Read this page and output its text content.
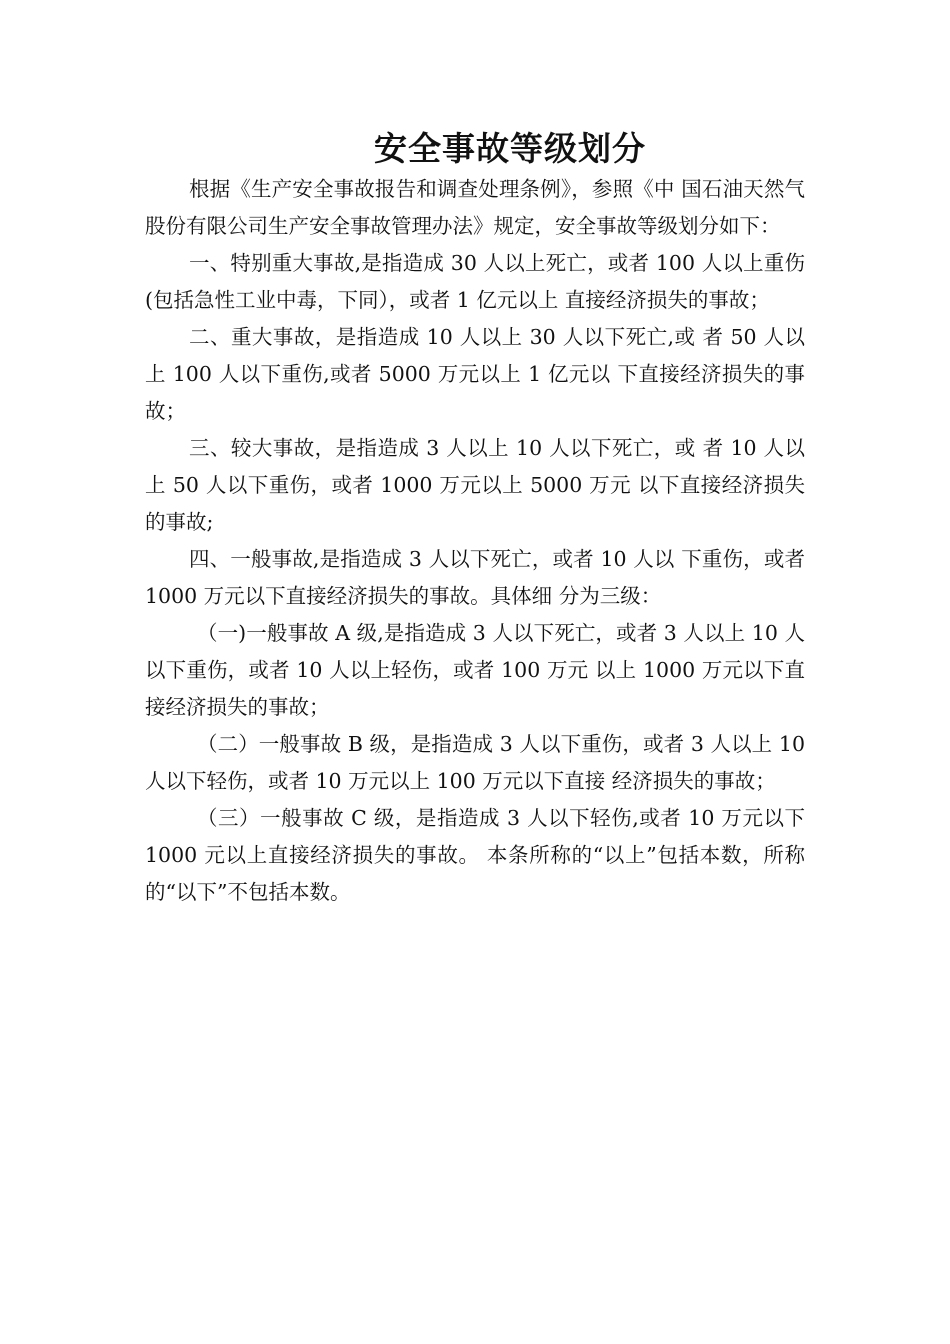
安全事故等级划分

根据《生产安全事故报告和调查处理条例》，参照《中 国石油天然气股份有限公司生产安全事故管理办法》规定，安全事故等级划分如下：

一、特别重大事故,是指造成 30 人以上死亡，或者 100 人以上重伤(包括急性工业中毒，下同），或者 1 亿元以上 直接经济损失的事故；

二、重大事故，是指造成 10 人以上 30 人以下死亡,或 者 50 人以上 100 人以下重伤,或者 5000 万元以上 1 亿元以 下直接经济损失的事故；

三、较大事故，是指造成 3 人以上 10 人以下死亡，或 者 10 人以上 50 人以下重伤，或者 1000 万元以上 5000 万元 以下直接经济损失的事故;

四、一般事故,是指造成 3 人以下死亡，或者 10 人以 下重伤，或者 1000 万元以下直接经济损失的事故。具体细 分为三级：

（一)一般事故 A 级,是指造成 3 人以下死亡，或者 3 人以上 10 人以下重伤，或者 10 人以上轻伤，或者 100 万元 以上 1000 万元以下直接经济损失的事故；

（二）一般事故 B 级，是指造成 3 人以下重伤，或者 3 人以上 10 人以下轻伤，或者 10 万元以上 100 万元以下直接 经济损失的事故；

（三）一般事故 C 级，是指造成 3 人以下轻伤,或者 10 万元以下 1000 元以上直接经济损失的事故。 本条所称的“以上”包括本数，所称的“以下”不包括本数。
